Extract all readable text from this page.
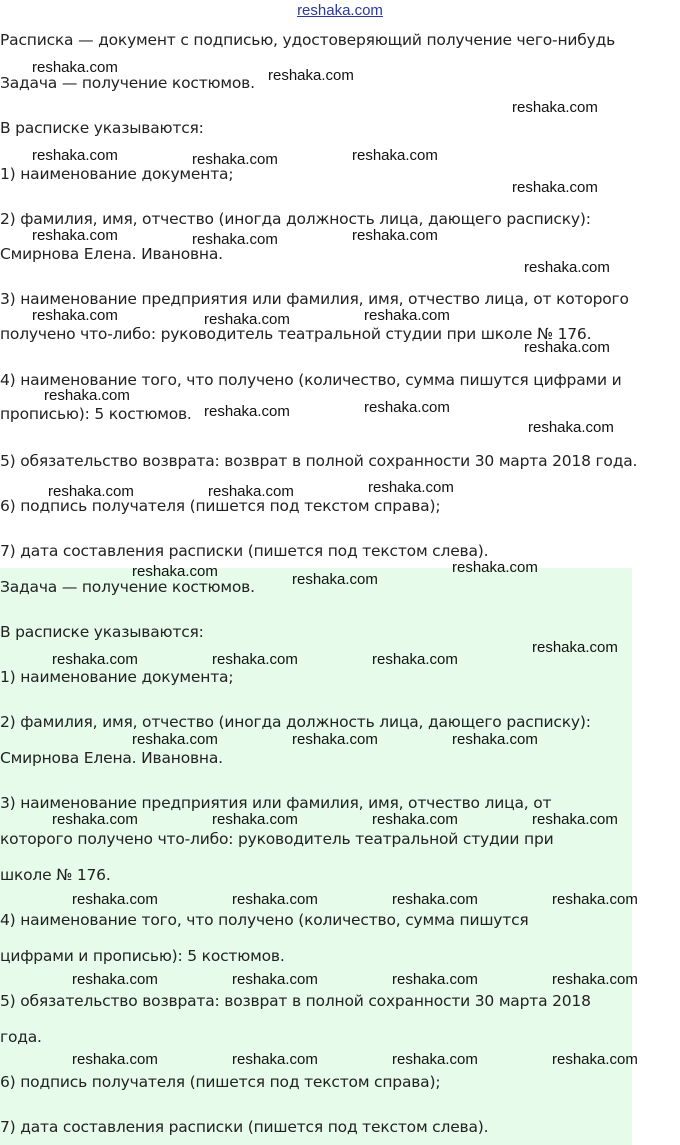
reshaka.com

Расписка — документ с подписью, удостоверяющий получение чего-нибудь

Задача — получение костюмов.

В расписке указываются:

1) наименование документа;

2) фамилия, имя, отчество (иногда должность лица, дающего расписку):

Смирнова Елена. Ивановна.

3) наименование предприятия или фамилия, имя, отчество лица, от которого

получено что-либо: руководитель театральной студии при школе № 176.

4) наименование того, что получено (количество, сумма пишутся цифрами и

прописью): 5 костюмов.

5) обязательство возврата: возврат в полной сохранности 30 марта 2018 года.

6) подпись получателя (пишется под текстом справа);

7) дата составления расписки (пишется под текстом слева).

Задача — получение костюмов.

В расписке указываются:

1) наименование документа;

2) фамилия, имя, отчество (иногда должность лица, дающего расписку):

Смирнова Елена. Ивановна.

3) наименование предприятия или фамилия, имя, отчество лица, от

которого получено что-либо: руководитель театральной студии при

школе № 176.

4) наименование того, что получено (количество, сумма пишутся

цифрами и прописью): 5 костюмов.

5) обязательство возврата: возврат в полной сохранности 30 марта 2018

года.

6) подпись получателя (пишется под текстом справа);

7) дата составления расписки (пишется под текстом слева).

reshaka.com	reshaka.com
reshaka.com
reshaka.com	reshaka.com	reshaka.com
reshaka.com
reshaka.com	reshaka.com	reshaka.com
reshaka.com
reshaka.com	reshaka.com	reshaka.com
reshaka.com
reshaka.com
reshaka.com	reshaka.com
reshaka.com
reshaka.com	reshaka.com	reshaka.com
reshaka.com	reshaka.com
reshaka.com
reshaka.com	reshaka.com	reshaka.com
reshaka.com
reshaka.com	reshaka.com	reshaka.com
reshaka.com	reshaka.com	reshaka.com	reshaka.com
reshaka.com	reshaka.com	reshaka.com	reshaka.com
reshaka.com	reshaka.com	reshaka.com	reshaka.com
reshaka.com	reshaka.com	reshaka.com	reshaka.com
